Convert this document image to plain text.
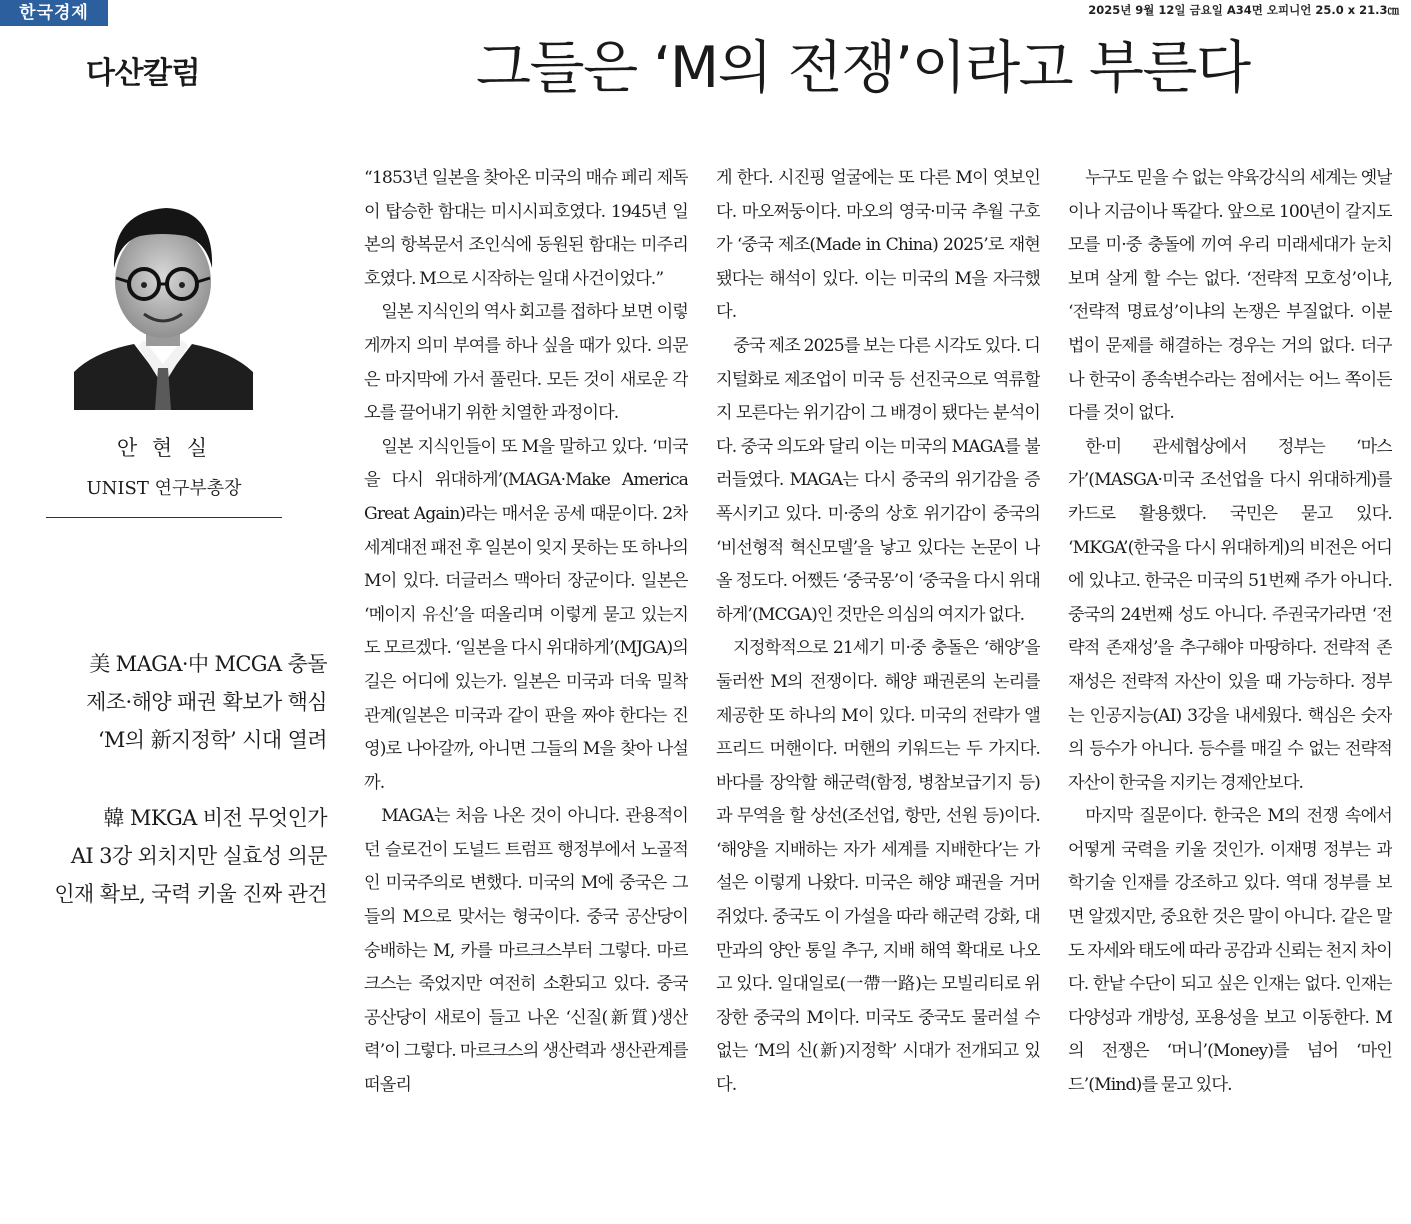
한국경제	2025년 9월 12일 금요일 A34면 오피니언 25.0 x 21.3㎝
다산칼럼	그들은 ‘M의 전쟁’이라고 부른다
안 현 실
UNIST 연구부총장
美 MAGA·中 MCGA 충돌
제조·해양 패권 확보가 핵심
‘M의 新지정학’ 시대 열려
韓 MKGA 비전 무엇인가
AI 3강 외치지만 실효성 의문
인재 확보, 국력 키울 진짜 관건

“1853년 일본을 찾아온 미국의 매슈 페리 제독이 탑승한 함대는 미시시피호였다. 1945년 일본의 항복문서 조인식에 동원된 함대는 미주리호였다. M으로 시작하는 일대 사건이었다.”

일본 지식인의 역사 회고를 접하다 보면 이렇게까지 의미 부여를 하나 싶을 때가 있다. 의문은 마지막에 가서 풀린다. 모든 것이 새로운 각오를 끌어내기 위한 치열한 과정이다.

일본 지식인들이 또 M을 말하고 있다. ‘미국을 다시 위대하게’(MAGA·Make America Great Again)라는 매서운 공세 때문이다. 2차 세계대전 패전 후 일본이 잊지 못하는 또 하나의 M이 있다. 더글러스 맥아더 장군이다. 일본은 ‘메이지 유신’을 떠올리며 이렇게 묻고 있는지도 모르겠다. ‘일본을 다시 위대하게’(MJGA)의 길은 어디에 있는가. 일본은 미국과 더욱 밀착 관계(일본은 미국과 같이 판을 짜야 한다는 진영)로 나아갈까, 아니면 그들의 M을 찾아 나설까.

MAGA는 처음 나온 것이 아니다. 관용적이던 슬로건이 도널드 트럼프 행정부에서 노골적인 미국주의로 변했다. 미국의 M에 중국은 그들의 M으로 맞서는 형국이다. 중국 공산당이 숭배하는 M, 카를 마르크스부터 그렇다. 마르크스는 죽었지만 여전히 소환되고 있다. 중국 공산당이 새로이 들고 나온 ‘신질(新質)생산력’이 그렇다. 마르크스의 생산력과 생산관계를 떠올리

게 한다. 시진핑 얼굴에는 또 다른 M이 엿보인다. 마오쩌둥이다. 마오의 영국·미국 추월 구호가 ‘중국 제조(Made in China) 2025’로 재현됐다는 해석이 있다. 이는 미국의 M을 자극했다.

중국 제조 2025를 보는 다른 시각도 있다. 디지털화로 제조업이 미국 등 선진국으로 역류할지 모른다는 위기감이 그 배경이 됐다는 분석이다. 중국 의도와 달리 이는 미국의 MAGA를 불러들였다. MAGA는 다시 중국의 위기감을 증폭시키고 있다. 미·중의 상호 위기감이 중국의 ‘비선형적 혁신모델’을 낳고 있다는 논문이 나올 정도다. 어쨌든 ‘중국몽’이 ‘중국을 다시 위대하게’(MCGA)인 것만은 의심의 여지가 없다.

지정학적으로 21세기 미·중 충돌은 ‘해양’을 둘러싼 M의 전쟁이다. 해양 패권론의 논리를 제공한 또 하나의 M이 있다. 미국의 전략가 앨프리드 머핸이다. 머핸의 키워드는 두 가지다. 바다를 장악할 해군력(함정, 병참보급기지 등)과 무역을 할 상선(조선업, 항만, 선원 등)이다. ‘해양을 지배하는 자가 세계를 지배한다’는 가설은 이렇게 나왔다. 미국은 해양 패권을 거머쥐었다. 중국도 이 가설을 따라 해군력 강화, 대만과의 양안 통일 추구, 지배 해역 확대로 나오고 있다. 일대일로(一帶一路)는 모빌리티로 위장한 중국의 M이다. 미국도 중국도 물러설 수 없는 ‘M의 신(新)지정학’ 시대가 전개되고 있다.

누구도 믿을 수 없는 약육강식의 세계는 옛날이나 지금이나 똑같다. 앞으로 100년이 갈지도 모를 미·중 충돌에 끼여 우리 미래세대가 눈치 보며 살게 할 수는 없다. ‘전략적 모호성’이냐, ‘전략적 명료성’이냐의 논쟁은 부질없다. 이분법이 문제를 해결하는 경우는 거의 없다. 더구나 한국이 종속변수라는 점에서는 어느 쪽이든 다를 것이 없다.

한·미 관세협상에서 정부는 ‘마스가’(MASGA·미국 조선업을 다시 위대하게)를 카드로 활용했다. 국민은 묻고 있다. ‘MKGA’(한국을 다시 위대하게)의 비전은 어디에 있냐고. 한국은 미국의 51번째 주가 아니다. 중국의 24번째 성도 아니다. 주권국가라면 ‘전략적 존재성’을 추구해야 마땅하다. 전략적 존재성은 전략적 자산이 있을 때 가능하다. 정부는 인공지능(AI) 3강을 내세웠다. 핵심은 숫자의 등수가 아니다. 등수를 매길 수 없는 전략적 자산이 한국을 지키는 경제안보다.

마지막 질문이다. 한국은 M의 전쟁 속에서 어떻게 국력을 키울 것인가. 이재명 정부는 과학기술 인재를 강조하고 있다. 역대 정부를 보면 알겠지만, 중요한 것은 말이 아니다. 같은 말도 자세와 태도에 따라 공감과 신뢰는 천지 차이다. 한낱 수단이 되고 싶은 인재는 없다. 인재는 다양성과 개방성, 포용성을 보고 이동한다. M의 전쟁은 ‘머니’(Money)를 넘어 ‘마인드’(Mind)를 묻고 있다.
